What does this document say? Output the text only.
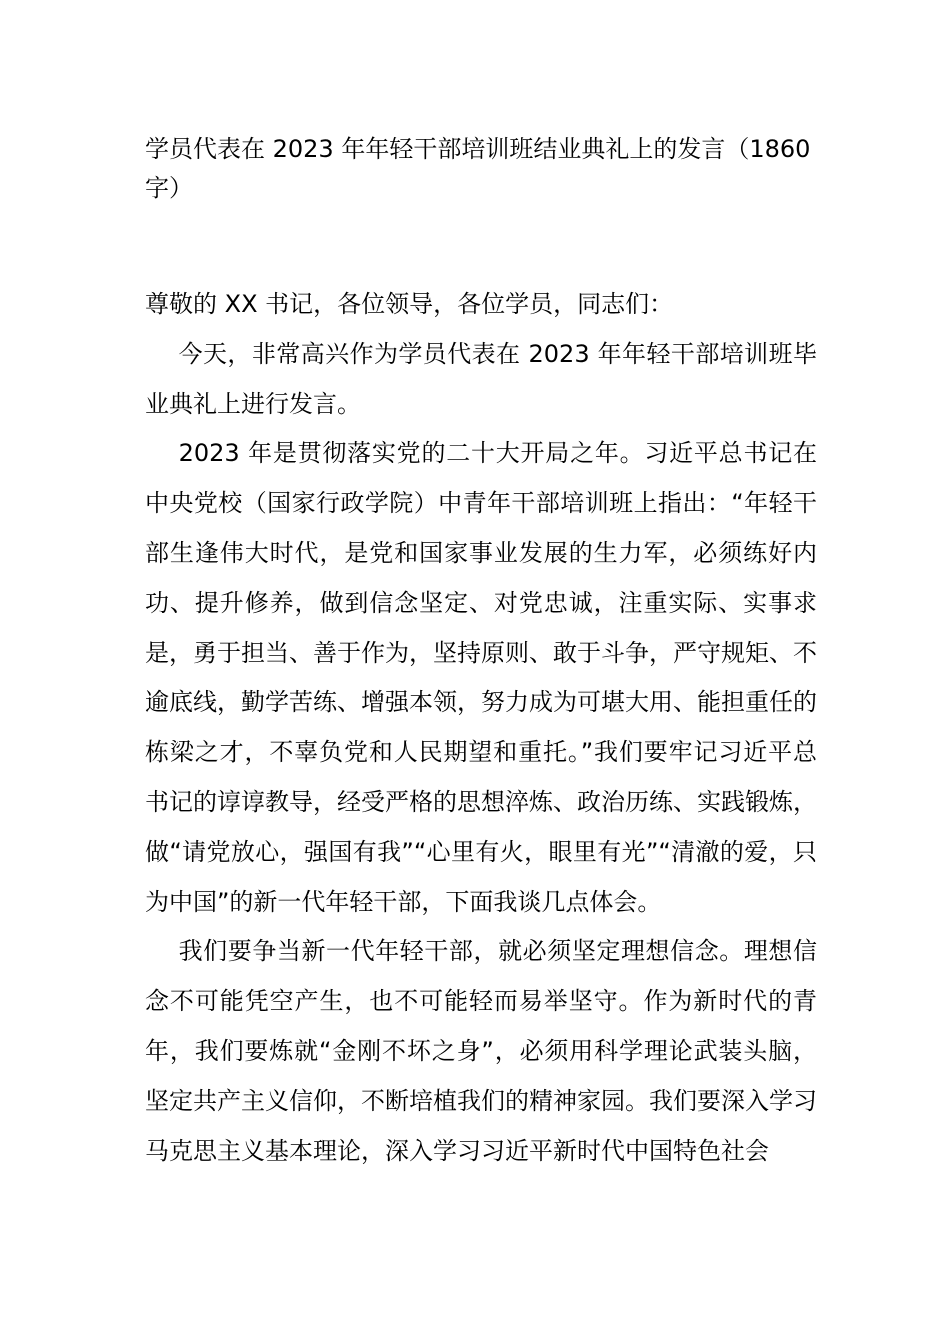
学员代表在 2023 年年轻干部培训班结业典礼上的发言（1860 字）

尊敬的 XX 书记，各位领导，各位学员，同志们：

今天，非常高兴作为学员代表在 2023 年年轻干部培训班毕业典礼上进行发言。

2023 年是贯彻落实党的二十大开局之年。习近平总书记在中央党校（国家行政学院）中青年干部培训班上指出：“年轻干部生逢伟大时代，是党和国家事业发展的生力军，必须练好内功、提升修养，做到信念坚定、对党忠诚，注重实际、实事求是，勇于担当、善于作为，坚持原则、敢于斗争，严守规矩、不逾底线，勤学苦练、增强本领，努力成为可堪大用、能担重任的栋梁之才，不辜负党和人民期望和重托。”我们要牢记习近平总书记的谆谆教导，经受严格的思想淬炼、政治历练、实践锻炼，做“请党放心，强国有我”“心里有火，眼里有光”“清澈的爱，只为中国”的新一代年轻干部，下面我谈几点体会。

我们要争当新一代年轻干部，就必须坚定理想信念。理想信念不可能凭空产生，也不可能轻而易举坚守。作为新时代的青年，我们要炼就“金刚不坏之身”，必须用科学理论武装头脑，坚定共产主义信仰，不断培植我们的精神家园。我们要深入学习马克思主义基本理论，深入学习习近平新时代中国特色社会
